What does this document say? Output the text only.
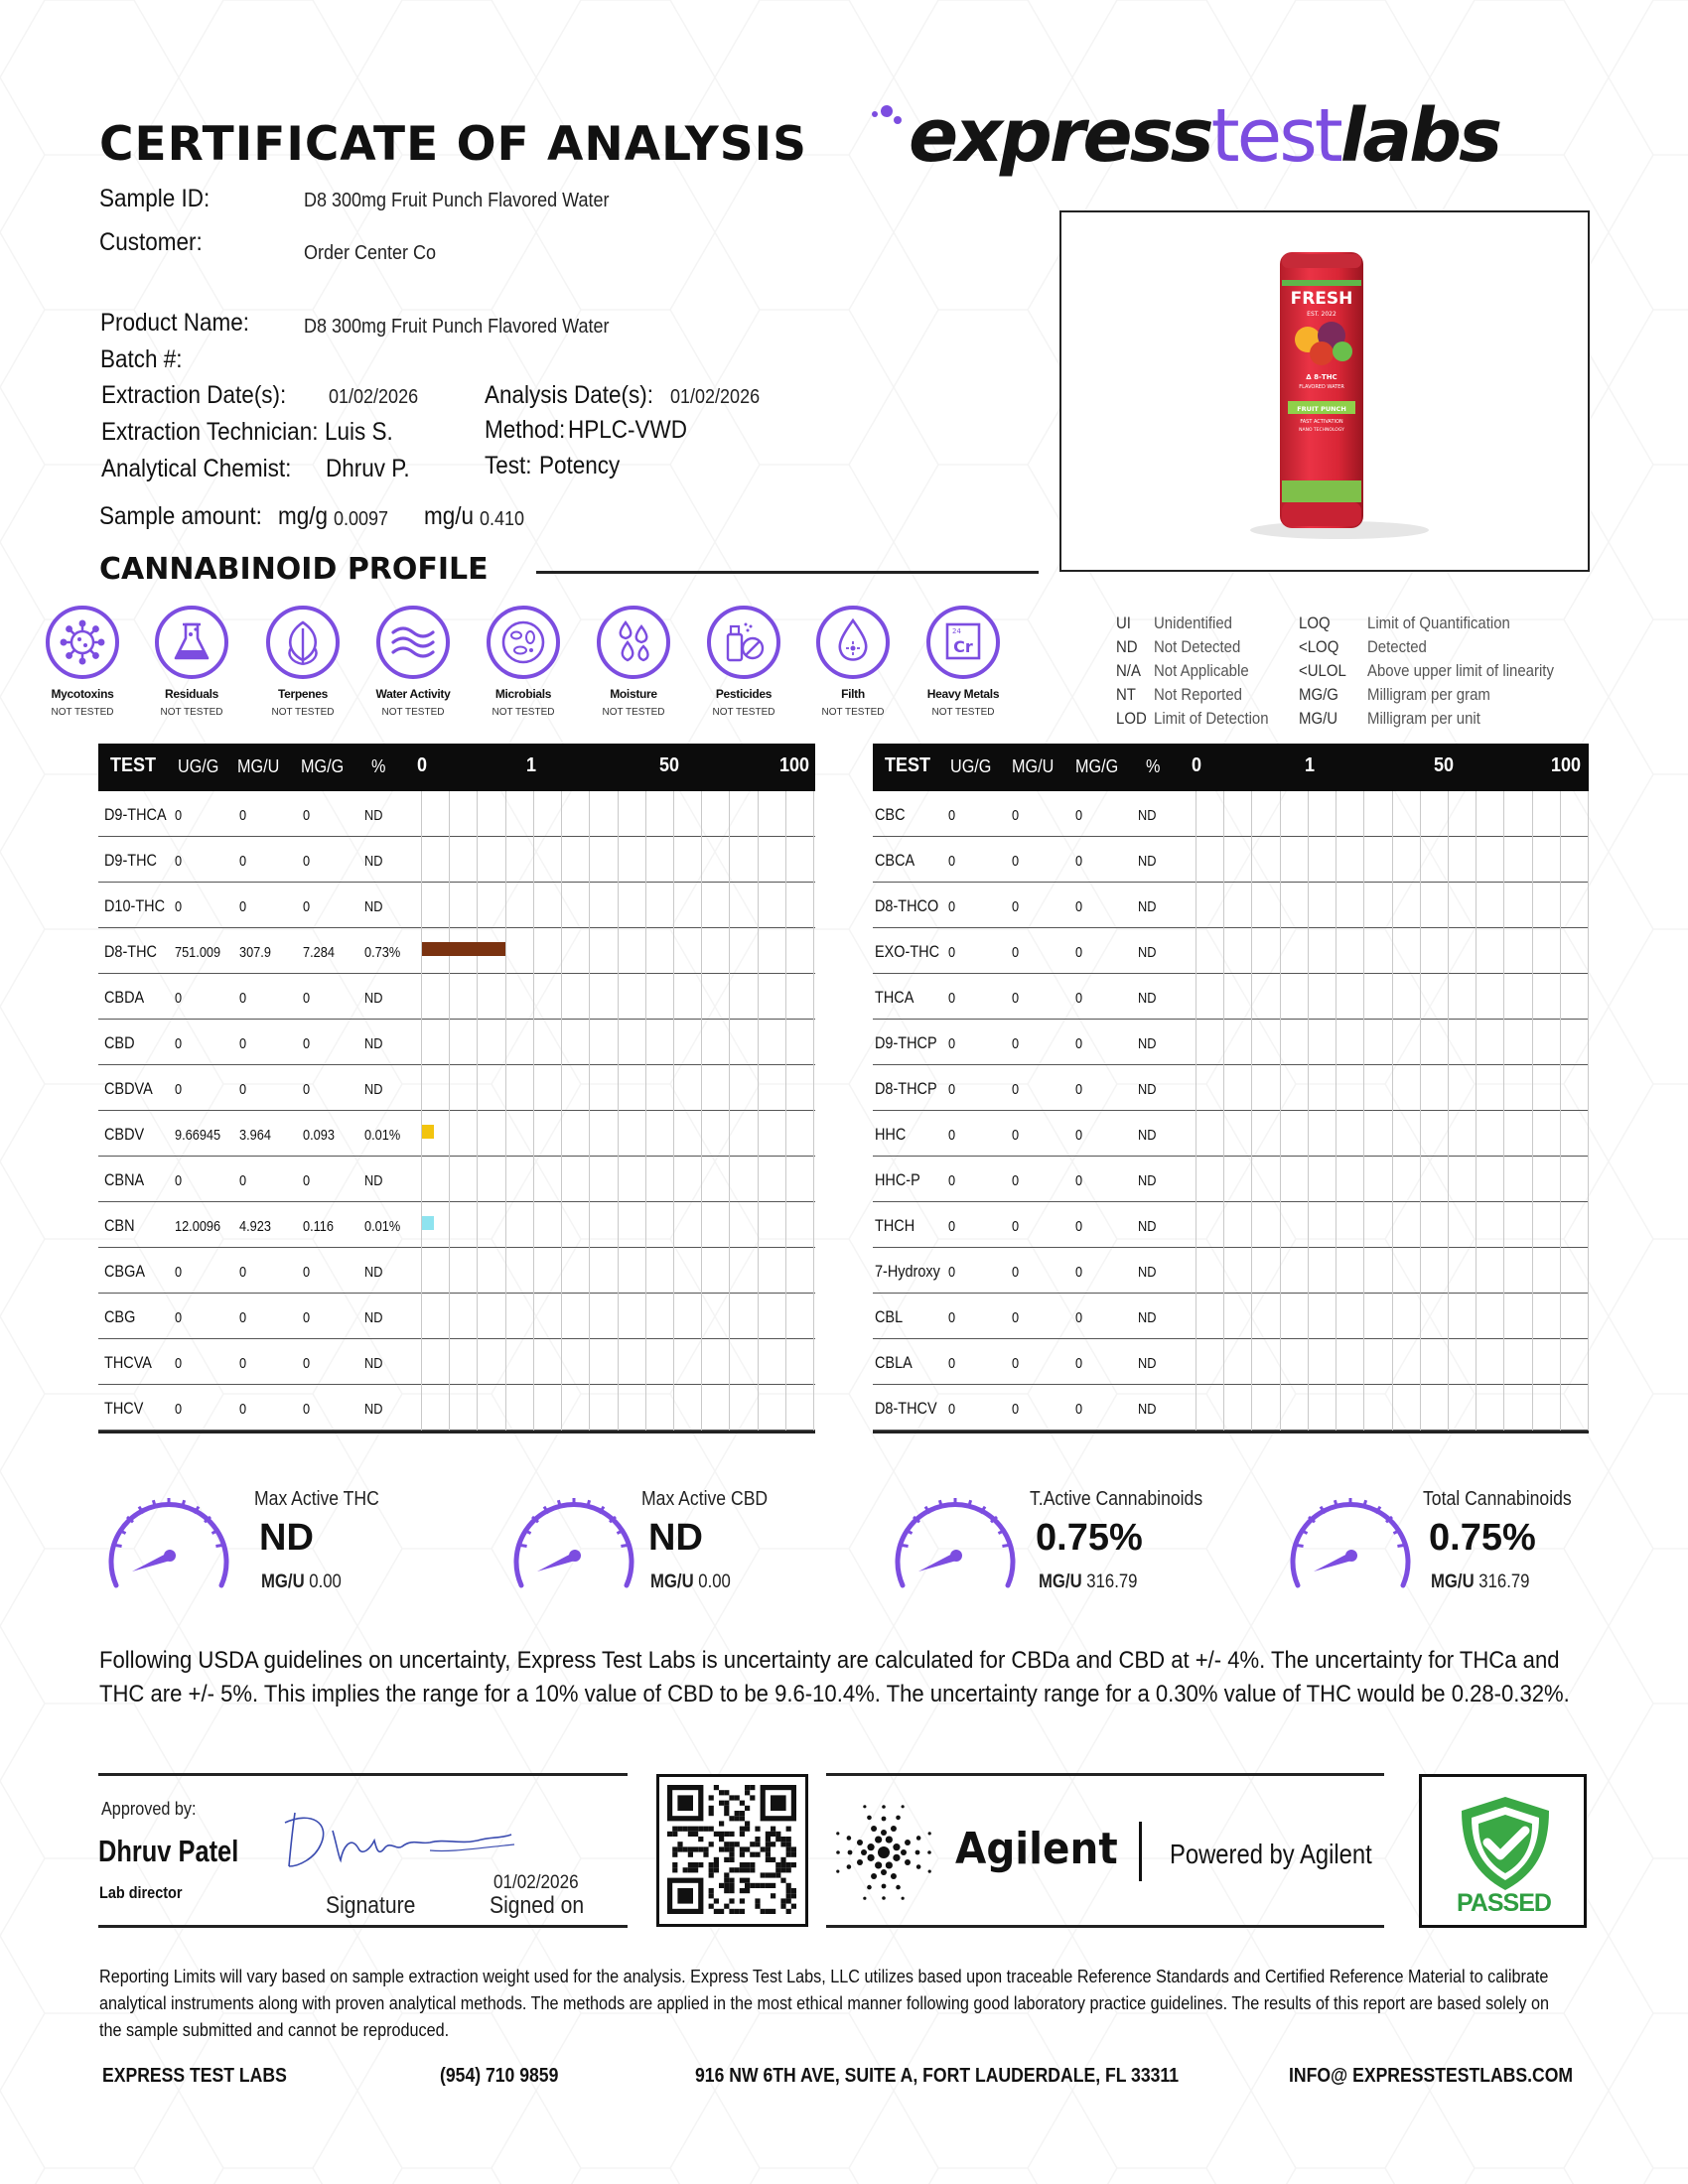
CERTIFICATE OF ANALYSIS expresstestlabs
Sample ID:	D8 300mg Fruit Punch Flavored Water
Customer:	Order Center Co
Product Name:	D8 300mg Fruit Punch Flavored Water
Batch #:
Extraction Date(s): 01/02/2026	Analysis Date(s): 01/02/2026
Extraction Technician: Luis S.	Method: HPLC-VWD
Analytical Chemist: Dhruv P.	Test: Potency
Sample amount: mg/g 0.0097 mg/u 0.410
FRESH
EST. 2022
Δ 8-THC
FLAVORED WATER
FRUIT PUNCH
FAST ACTIVATION
NANO TECHNOLOGY
CANNABINOID PROFILE
Mycotoxins
NOT TESTED
Residuals
NOT TESTED
Terpenes
NOT TESTED
Water Activity
NOT TESTED
Microbials
NOT TESTED
Moisture
NOT TESTED
Pesticides
NOT TESTED
Filth
NOT TESTED
24
Cr
Heavy Metals
NOT TESTED
UI Unidentified
ND Not Detected
N/A Not Applicable
NT Not Reported
LOD Limit of Detection
LOQ Limit of Quantification
<LOQ Detected
<ULOL Above upper limit of linearity
MG/G Milligram per gram
MG/U Milligram per unit
TEST UG/G MG/U MG/G % 0	1	50	100
D9-THCA 0	0	0	ND
D9-THC 0	0	0	ND
D10-THC 0	0	0	ND
D8-THC 751.009 307.9 7.284 0.73%
CBDA 0	0	0	ND
CBD	0	0	0	ND
CBDVA 0	0	0	ND
CBDV 9.66945 3.964 0.093 0.01%
CBNA 0	0	0	ND
CBN	12.0096 4.923 0.116 0.01%
CBGA 0	0	0	ND
CBG	0	0	0	ND
THCVA 0	0	0	ND
THCV 0	0	0	ND
TEST UG/G MG/U MG/G % 0	1	50	100
CBC	0	0	0	ND
CBCA 0	0	0	ND
D8-THCO 0	0	0	ND
EXO-THC 0	0	0	ND
THCA 0	0	0	ND
D9-THCP 0	0	0	ND
D8-THCP 0	0	0	ND
HHC	0	0	0	ND
HHC-P 0	0	0	ND
THCH 0	0	0	ND
7-Hydroxy 0	0	0	ND
CBL	0	0	0	ND
CBLA 0	0	0	ND
D8-THCV 0	0	0	ND
Max Active THC
ND
MG/U 0.00
Max Active CBD
ND
MG/U 0.00
T.Active Cannabinoids
0.75%
MG/U 316.79
Total Cannabinoids
0.75%
MG/U 316.79
Following USDA guidelines on uncertainty, Express Test Labs is uncertainty are calculated for CBDa and CBD at +/- 4%. The uncertainty for THCa and THC are +/- 5%. This implies the range for a 10% value of CBD to be 9.6-10.4%. The uncertainty range for a 0.30% value of THC would be 0.28-0.32%.
Approved by:
Dhruv Patel
Lab director	Signature
01/02/2026
Signed on
Agilent Powered by Agilent
PASSED
Reporting Limits will vary based on sample extraction weight used for the analysis. Express Test Labs, LLC utilizes based upon traceable Reference Standards and Certified Reference Material to calibrate analytical instruments along with proven analytical methods. The methods are applied in the most ethical manner following good laboratory practice guidelines. The results of this report are based solely on the sample submitted and cannot be reproduced.
EXPRESS TEST LABS	(954) 710 9859	916 NW 6TH AVE, SUITE A, FORT LAUDERDALE, FL 33311	INFO@ EXPRESSTESTLABS.COM
